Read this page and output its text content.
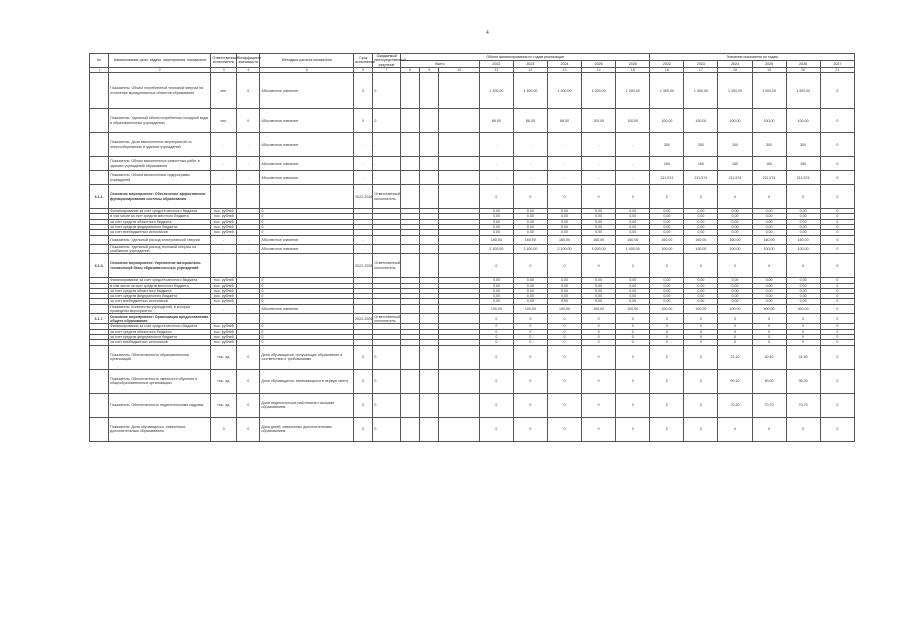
4
№	Наименование цели, задачи, мероприятия, показателя	Ответственный исполнитель	Коэффициент значимости	Методика расчета показателя	Срок исполнения	Ожидаемый непосредственный результат	Объем финансирования по годам реализации								Значение показателя по годам					
							Всего			2022	2023	2024	2025	2026	2022	2023	2024	2025	2026	2027
1	2	3	4	5	6	7	8	9	10	11	12	13	14	15	16	17	18	19	20	21
	Показатель: Объем потребленной тепловой энергии на отопление муниципальных объектов образования	чел.	0	Абсолютное значение	0	0				1 300,00	1 300,00	1 300,00	1 300,00	1 300,00	1 300,00	1 300,00	1 300,00	1 300,00	1 300,00	0
	Показатель: Удельный объем потребления холодной воды в образовательных учреждениях	чел.	0	Абсолютное значение	0	0				86,00	86,00	86,00	100,00	100,00	100,00	100,00	100,00	100,00	100,00	0
	Показатель: Доля выполненных мероприятий по энергосбережению в зданиях учреждений	-	-	Абсолютное значение	-	-				-	-	-	-	-	300	300	300	300	300	0
	Показатель: Объем выполненных ремонтных работ в зданиях учреждений образования	-	-	Абсолютное значение	-	-				-	-	-	-	-	160	160	160	160	160	0
	Показатель: Объем вычисленных подпрограмм учреждений	-	-	Абсолютное значение	-	-				-	-	-	-	-	211,574	211,574	211,574	211,574	211,574	0
6.1.1.	Основное мероприятие: Обеспечение эффективного функционирования системы образования				2022-2026	Ответственный исполнитель				0	0	0	0	0	0	0	0	0	0	0
	Финансирование за счет средств местного бюджета	тыс. рублей		0						0,00	0,00	0,00	0,00	0,00	0,00	0,00	0,00	0,00	0,00	0
	в том числе за счет средств местного бюджета	тыс. рублей		0						0,00	0,00	0,00	0,00	0,00	0,00	0,00	0,00	0,00	0,00	0
	за счет средств областного бюджета	тыс. рублей		0						0,00	0,00	0,00	0,00	0,00	0,00	0,00	0,00	0,00	0,00	0
	за счет средств федерального бюджета	тыс. рублей		0						0,00	0,00	0,00	0,00	0,00	0,00	0,00	0,00	0,00	0,00	0
	за счет внебюджетных источников	тыс. рублей		0						0,00	0,00	0,00	0,00	0,00	0,00	0,00	0,00	0,00	0,00	0
	Показатель: Удельный расход электрической энергии	-	-	Абсолютное значение	-	-				160,00	160,00	160,00	160,00	160,00	160,00	160,00	160,00	160,00	160,00	0
	Показатель: Удельный расход тепловой энергии на снабжение учреждений	-	-	Абсолютное значение	-	-				2 100,00	2 100,00	2 100,00	1 000,00	1 000,00	100,00	100,00	100,00	100,00	100,00	0
6.1.6.	Основное мероприятие: Укрепление материально-технической базы образовательных учреждений				2022-2026	Ответственный исполнитель				0	0	0	0	0	0	0	0	0	0	0
	Финансирование за счет средств местного бюджета	тыс. рублей		0						0,00	0,00	0,00	0,00	0,00	0,00	0,00	0,00	0,00	0,00	0
	в том числе за счет средств местного бюджета	тыс. рублей		0						0,00	0,00	0,00	0,00	0,00	0,00	0,00	0,00	0,00	0,00	0
	за счет средств областного бюджета	тыс. рублей		0						0,00	0,00	0,00	0,00	0,00	0,00	0,00	0,00	0,00	0,00	0
	за счет средств федерального бюджета	тыс. рублей		0						0,00	0,00	0,00	0,00	0,00	0,00	0,00	0,00	0,00	0,00	0
	за счет внебюджетных источников	тыс. рублей		0						0,00	0,00	0,00	0,00	0,00	0,00	0,00	0,00	0,00	0,00	0
	Показатель: Количество учреждений, в которых проведены мероприятия	-	-	Абсолютное значение	-	-				100,00	100,00	100,00	100,00	100,00	100,00	100,00	100,00	400,00	400,00	0
6.1.7.	Основное мероприятие: Организация предоставления общего образования				2022-2026	Ответственный исполнитель				0	0	0	0	0	0	0	0	0	0	0
	Финансирование за счет средств местного бюджета	тыс. рублей		0						0	0	0	0	0	0	0	0	0	0	0
	за счет средств областного бюджета	тыс. рублей		0						0	0	0	0	0	0	0	0	0	0	0
	за счет средств федерального бюджета	тыс. рублей		0						0	0	0	0	0	0	0	0	0	0	0
	за счет внебюджетных источников	тыс. рублей		0						0	0	0	0	0	0	0	0	0	0	0
	Показатель: Обеспеченность образовательных организаций	тыс. ед.	0	Доля обучающихся, получающих образование в соответствии с требованиями	0	0				0	0	0	0	0	0	0	21,10	40,40	41,40	0
	Показатель: Обеспеченность сменности обучения в общеобразовательных организациях	тыс. ед.	0	Доля обучающихся, занимающихся в первую смену	0	0				0	0	0	0	0	0	0	90,10	90,00	96,30	0
	Показатель: Обеспеченность педагогическими кадрами	тыс. ед.	0	Доля педагогических работников с высшим образованием	0	0				0	0	0	0	0	0	0	70,20	70,70	70,70	0
	Показатель: Доля обучающихся, охваченных дополнительным образованием	0	0	Доля детей, охваченных дополнительным образованием	0	0				0	0	0	0	0	0	0	0	0	0	0
